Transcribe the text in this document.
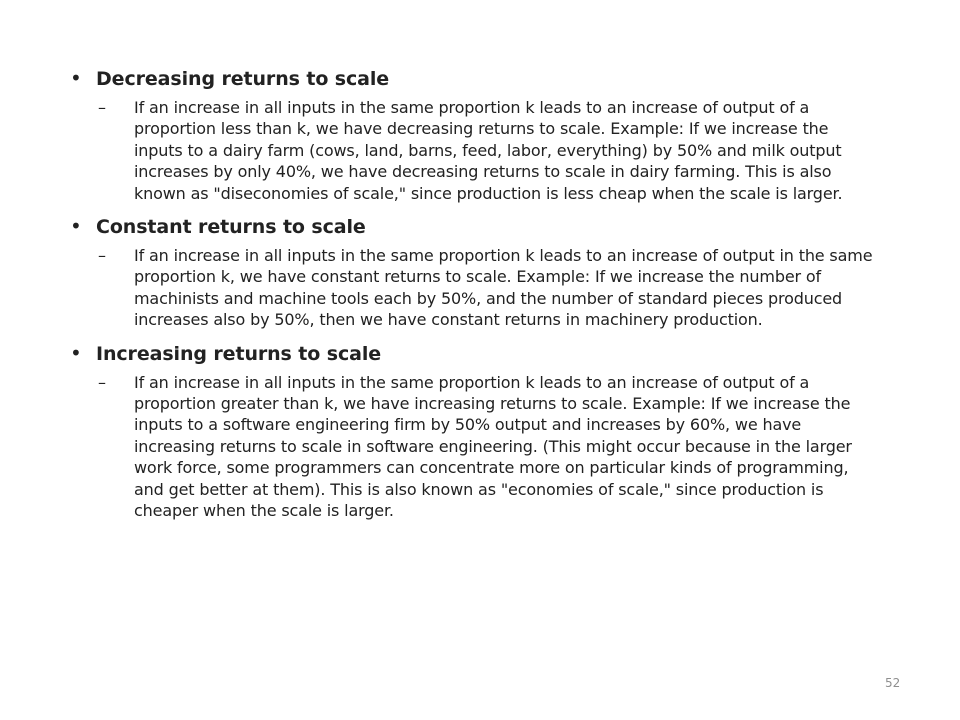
• Decreasing returns to scale
–	If an increase in all inputs in the same proportion k leads to an increase of output of a proportion less than k, we have decreasing returns to scale. Example: If we increase the inputs to a dairy farm (cows, land, barns, feed, labor, everything) by 50% and milk output increases by only 40%, we have decreasing returns to scale in dairy farming. This is also known as "diseconomies of scale," since production is less cheap when the scale is larger.
• Constant returns to scale
–	If an increase in all inputs in the same proportion k leads to an increase of output in the same proportion k, we have constant returns to scale. Example: If we increase the number of machinists and machine tools each by 50%, and the number of standard pieces produced increases also by 50%, then we have constant returns in machinery production.
• Increasing returns to scale
–	If an increase in all inputs in the same proportion k leads to an increase of output of a proportion greater than k, we have increasing returns to scale. Example: If we increase the inputs to a software engineering firm by 50% output and increases by 60%, we have increasing returns to scale in software engineering. (This might occur because in the larger work force, some programmers can concentrate more on particular kinds of programming, and get better at them). This is also known as "economies of scale," since production is cheaper when the scale is larger.
52
